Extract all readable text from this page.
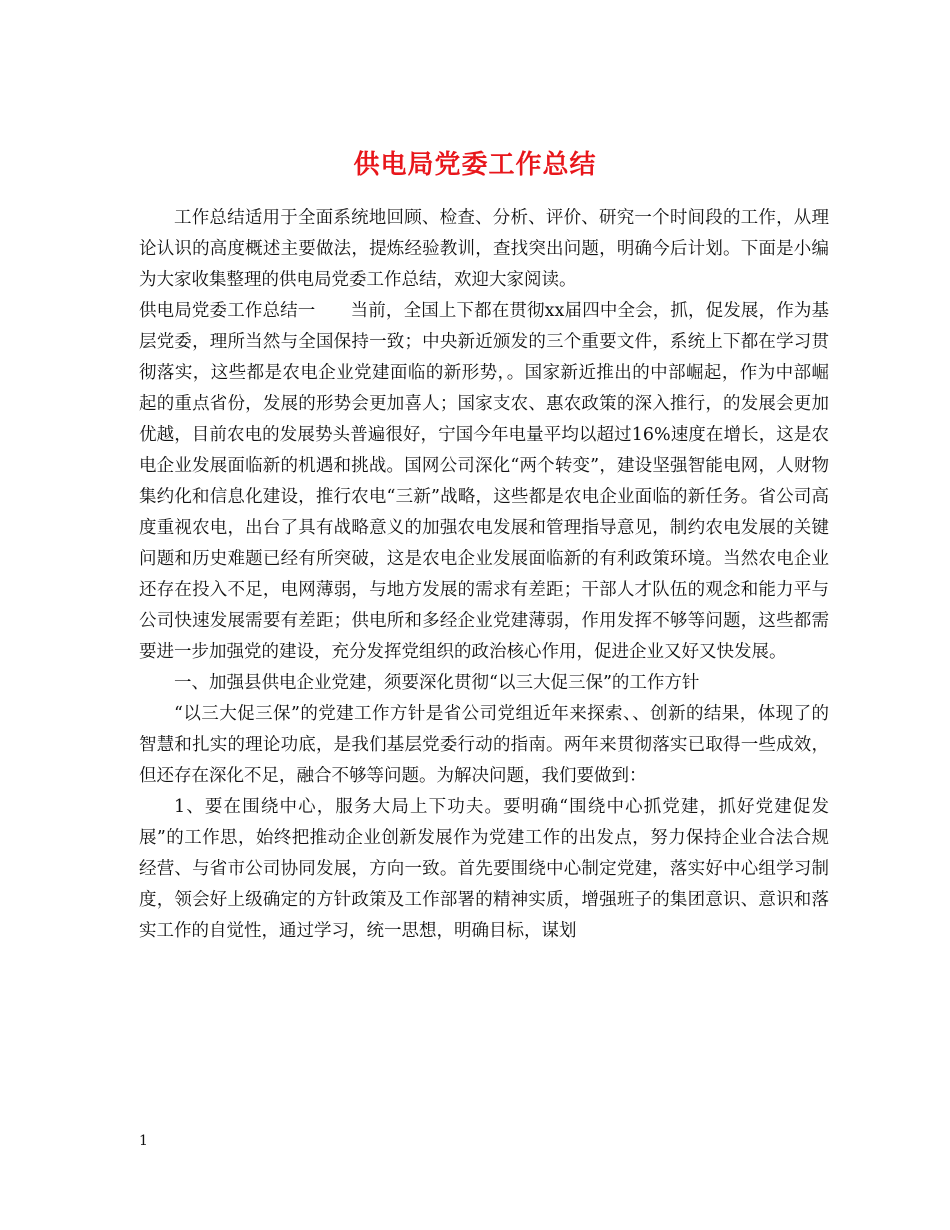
供电局党委工作总结

工作总结适用于全面系统地回顾、检查、分析、评价、研究一个时间段的工作，从理论认识的高度概述主要做法，提炼经验教训，查找突出问题，明确今后计划。下面是小编为大家收集整理的供电局党委工作总结，欢迎大家阅读。

供电局党委工作总结一　　当前，全国上下都在贯彻xx届四中全会，抓，促发展，作为基层党委，理所当然与全国保持一致；中央新近颁发的三个重要文件，系统上下都在学习贯彻落实，这些都是农电企业党建面临的新形势，。国家新近推出的中部崛起，作为中部崛起的重点省份，发展的形势会更加喜人；国家支农、惠农政策的深入推行，的发展会更加优越，目前农电的发展势头普遍很好，宁国今年电量平均以超过16%速度在增长，这是农电企业发展面临新的机遇和挑战。国网公司深化“两个转变”，建设坚强智能电网，人财物集约化和信息化建设，推行农电“三新”战略，这些都是农电企业面临的新任务。省公司高度重视农电，出台了具有战略意义的加强农电发展和管理指导意见，制约农电发展的关键问题和历史难题已经有所突破，这是农电企业发展面临新的有利政策环境。当然农电企业还存在投入不足，电网薄弱，与地方发展的需求有差距；干部人才队伍的观念和能力平与公司快速发展需要有差距；供电所和多经企业党建薄弱，作用发挥不够等问题，这些都需要进一步加强党的建设，充分发挥党组织的政治核心作用，促进企业又好又快发展。

一、加强县供电企业党建，须要深化贯彻“以三大促三保”的工作方针

“以三大促三保”的党建工作方针是省公司党组近年来探索、、创新的结果，体现了的智慧和扎实的理论功底，是我们基层党委行动的指南。两年来贯彻落实已取得一些成效，但还存在深化不足，融合不够等问题。为解决问题，我们要做到：

1、要在围绕中心，服务大局上下功夫。要明确“围绕中心抓党建，抓好党建促发展”的工作思，始终把推动企业创新发展作为党建工作的出发点，努力保持企业合法合规经营、与省市公司协同发展，方向一致。首先要围绕中心制定党建，落实好中心组学习制度，领会好上级确定的方针政策及工作部署的精神实质，增强班子的集团意识、意识和落实工作的自觉性，通过学习，统一思想，明确目标，谋划

1
